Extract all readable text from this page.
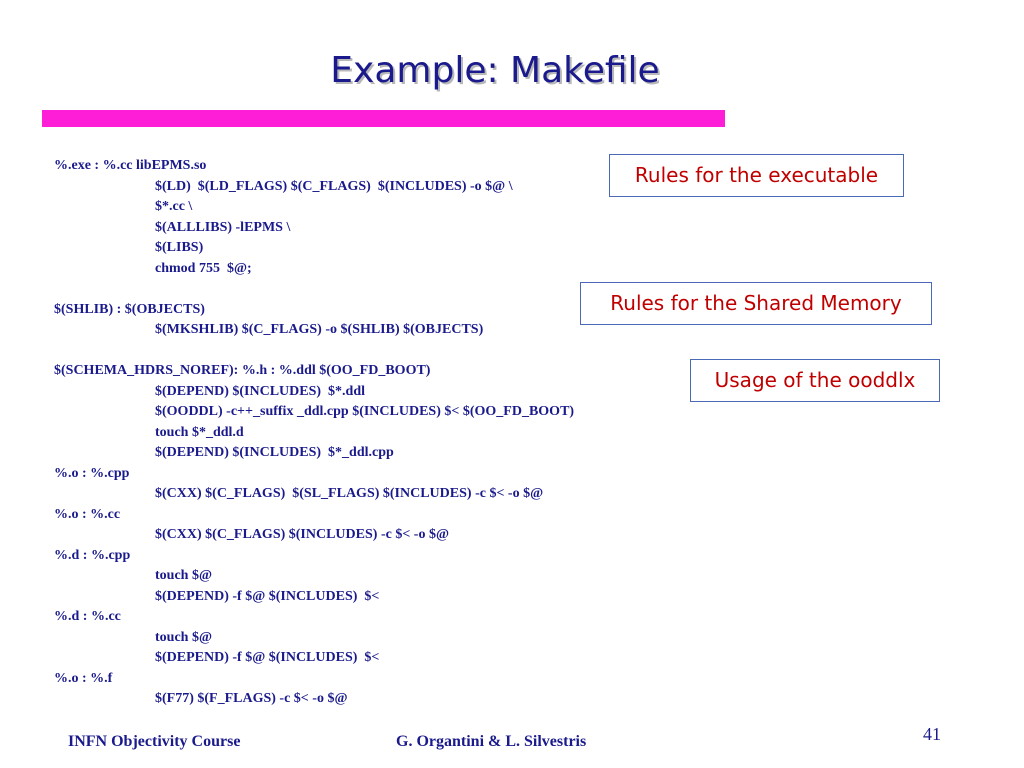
Example: Makefile
%.exe : %.cc libEPMS.so
$(LD)  $(LD_FLAGS) $(C_FLAGS)  $(INCLUDES) -o $@ \
$*.cc \
$(ALLLIBS) -lEPMS \
$(LIBS)
chmod 755  $@;
$(SHLIB) : $(OBJECTS)
$(MKSHLIB) $(C_FLAGS) -o $(SHLIB) $(OBJECTS)
$(SCHEMA_HDRS_NOREF): %.h : %.ddl $(OO_FD_BOOT)
$(DEPEND) $(INCLUDES)  $*.ddl
$(OODDL) -c++_suffix _ddl.cpp $(INCLUDES) $< $(OO_FD_BOOT)
touch $*_ddl.d
$(DEPEND) $(INCLUDES)  $*_ddl.cpp
%.o : %.cpp
$(CXX) $(C_FLAGS)  $(SL_FLAGS) $(INCLUDES) -c $< -o $@
%.o : %.cc
$(CXX) $(C_FLAGS) $(INCLUDES) -c $< -o $@
%.d : %.cpp
touch $@
$(DEPEND) -f $@ $(INCLUDES)  $<
%.d : %.cc
touch $@
$(DEPEND) -f $@ $(INCLUDES)  $<
%.o : %.f
$(F77) $(F_FLAGS) -c $< -o $@
Rules for the executable
Rules for the Shared Memory
Usage of the ooddlx
INFN Objectivity Course	G. Organtini & L. Silvestris	41
